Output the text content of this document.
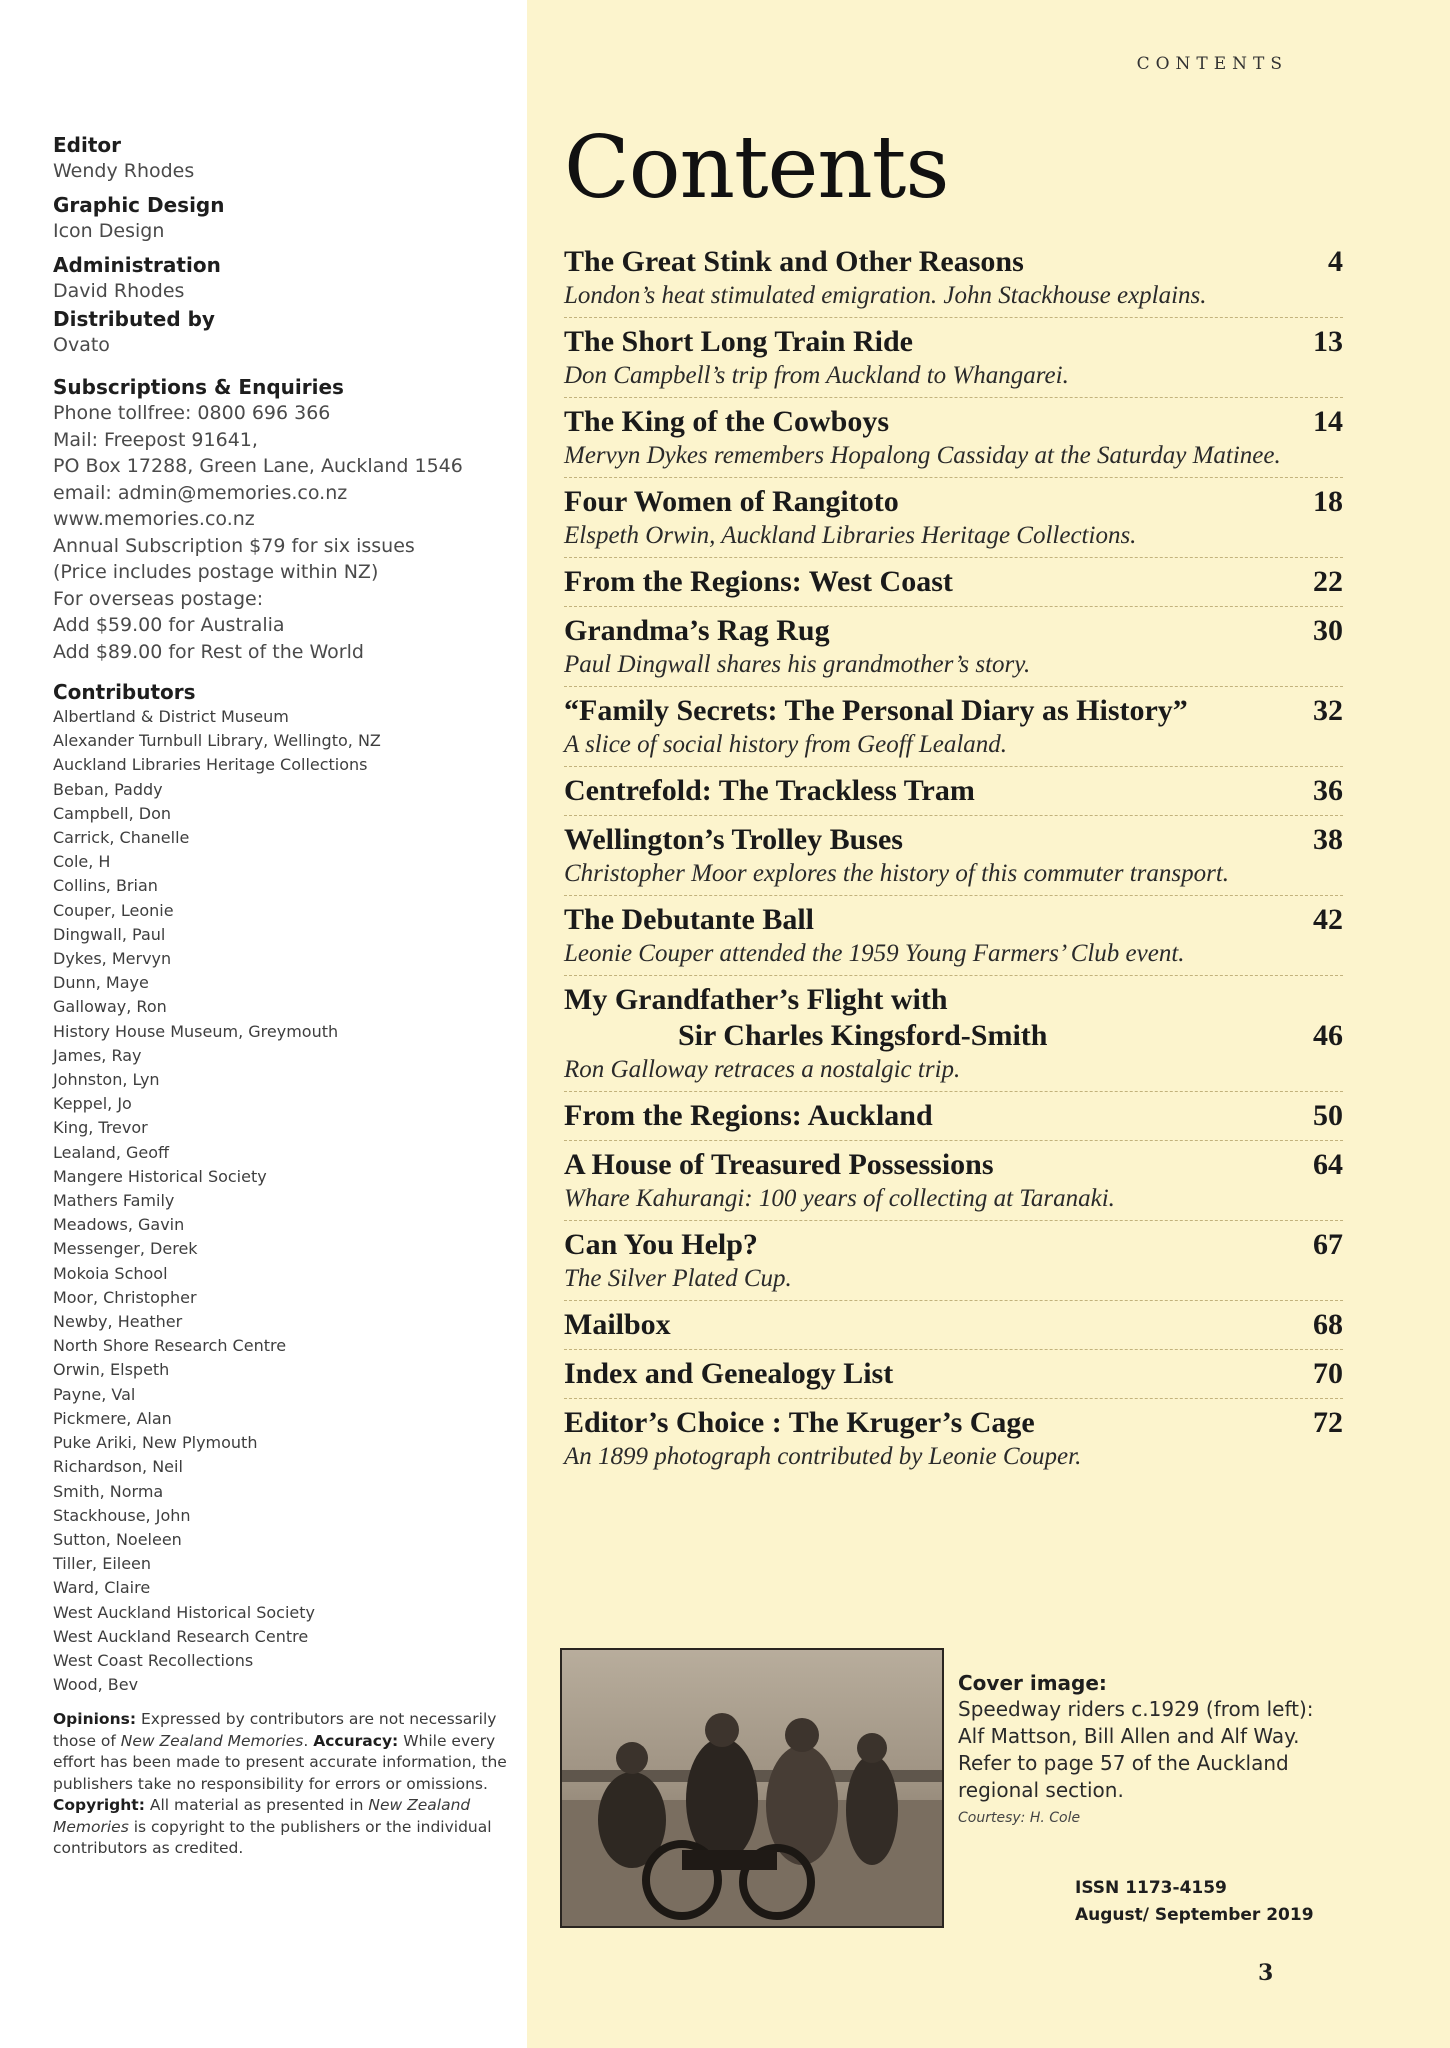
Editor
Wendy Rhodes
Graphic Design
Icon Design
Administration
David Rhodes
Distributed by
Ovato
Subscriptions & Enquiries
Phone tollfree: 0800 696 366
Mail: Freepost 91641,
PO Box 17288, Green Lane, Auckland 1546
email: admin@memories.co.nz
www.memories.co.nz
Annual Subscription $79 for six issues
(Price includes postage within NZ)
For overseas postage:
Add $59.00 for Australia
Add $89.00 for Rest of the World
Contributors
Albertland & District Museum
Alexander Turnbull Library, Wellingto, NZ
Auckland Libraries Heritage Collections
Beban, Paddy
Campbell, Don
Carrick, Chanelle
Cole, H
Collins, Brian
Couper, Leonie
Dingwall, Paul
Dykes, Mervyn
Dunn, Maye
Galloway, Ron
History House Museum, Greymouth
James, Ray
Johnston, Lyn
Keppel, Jo
King, Trevor
Lealand, Geoff
Mangere Historical Society
Mathers Family
Meadows, Gavin
Messenger, Derek
Mokoia School
Moor, Christopher
Newby, Heather
North Shore Research Centre
Orwin, Elspeth
Payne, Val
Pickmere, Alan
Puke Ariki, New Plymouth
Richardson, Neil
Smith, Norma
Stackhouse, John
Sutton, Noeleen
Tiller, Eileen
Ward, Claire
West Auckland Historical Society
West Auckland Research Centre
West Coast Recollections
Wood, Bev
Opinions: Expressed by contributors are not necessarily those of New Zealand Memories. Accuracy: While every effort has been made to present accurate information, the publishers take no responsibility for errors or omissions. Copyright: All material as presented in New Zealand Memories is copyright to the publishers or the individual contributors as credited.
CONTENTS
Contents
The Great Stink and Other Reasons	4
London’s heat stimulated emigration. John Stackhouse explains.
The Short Long Train Ride	13
Don Campbell’s trip from Auckland to Whangarei.
The King of the Cowboys	14
Mervyn Dykes remembers Hopalong Cassiday at the Saturday Matinee.
Four Women of Rangitoto	18
Elspeth Orwin, Auckland Libraries Heritage Collections.
From the Regions: West Coast	22
Grandma’s Rag Rug	30
Paul Dingwall shares his grandmother’s story.
“Family Secrets: The Personal Diary as History”	32
A slice of social history from Geoff Lealand.
Centrefold: The Trackless Tram	36
Wellington’s Trolley Buses	38
Christopher Moor explores the history of this commuter transport.
The Debutante Ball	42
Leonie Couper attended the 1959 Young Farmers’ Club event.
My Grandfather’s Flight with
Sir Charles Kingsford-Smith	46
Ron Galloway retraces a nostalgic trip.
From the Regions: Auckland	50
A House of Treasured Possessions	64
Whare Kahurangi: 100 years of collecting at Taranaki.
Can You Help?	67
The Silver Plated Cup.
Mailbox	68
Index and Genealogy List	70
Editor’s Choice : The Kruger’s Cage	72
An 1899 photograph contributed by Leonie Couper.
Cover image:
Speedway riders c.1929 (from left): Alf Mattson, Bill Allen and Alf Way. Refer to page 57 of the Auckland regional section.
Courtesy: H. Cole
ISSN 1173-4159
August/ September 2019
3
